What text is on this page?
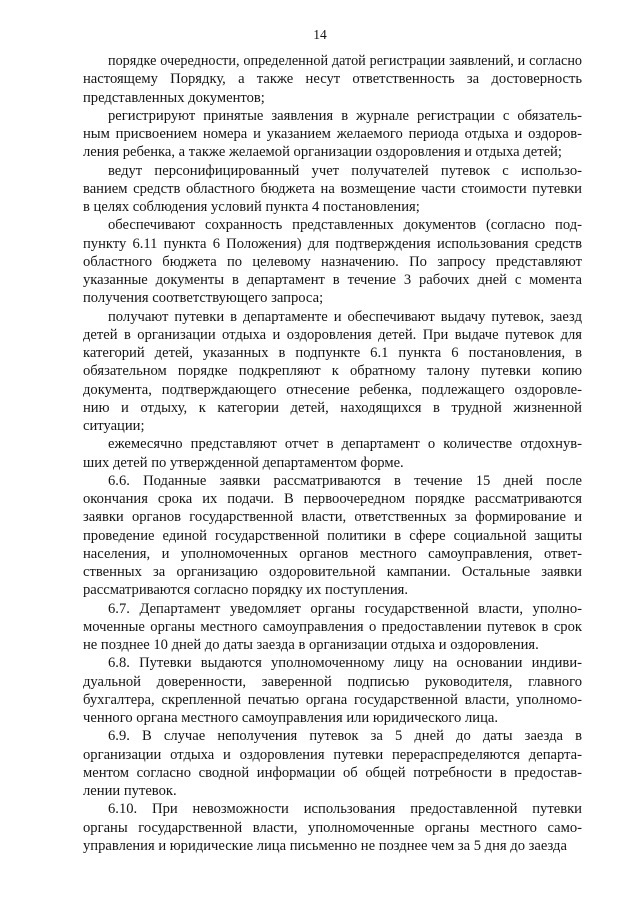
14

порядке очередности, определенной датой регистрации заявлений, и согласно
настоящему Порядку, а также несут ответственность за достоверность
представленных документов;

регистрируют принятые заявления в журнале регистрации с обязатель-
ным присвоением номера и указанием желаемого периода отдыха и оздоров-
ления ребенка, а также желаемой организации оздоровления и отдыха детей;

ведут персонифицированный учет получателей путевок с использо-
ванием средств областного бюджета на возмещение части стоимости путевки
в целях соблюдения условий пункта 4 постановления;

обеспечивают сохранность представленных документов (согласно под-
пункту 6.11 пункта 6 Положения) для подтверждения использования средств
областного бюджета по целевому назначению. По запросу представляют
указанные документы в департамент в течение 3 рабочих дней с момента
получения соответствующего запроса;

получают путевки в департаменте и обеспечивают выдачу путевок, заезд
детей в организации отдыха и оздоровления детей. При выдаче путевок для
категорий детей, указанных в подпункте 6.1 пункта 6 постановления, в
обязательном порядке подкрепляют к обратному талону путевки копию
документа, подтверждающего отнесение ребенка, подлежащего оздоровле-
нию и отдыху, к категории детей, находящихся в трудной жизненной
ситуации;

ежемесячно представляют отчет в департамент о количестве отдохнув-
ших детей по утвержденной департаментом форме.

6.6. Поданные заявки рассматриваются в течение 15 дней после
окончания срока их подачи. В первоочередном порядке рассматриваются
заявки органов государственной власти, ответственных за формирование и
проведение единой государственной политики в сфере социальной защиты
населения, и уполномоченных органов местного самоуправления, ответ-
ственных за организацию оздоровительной кампании. Остальные заявки
рассматриваются согласно порядку их поступления.

6.7. Департамент уведомляет органы государственной власти, уполно-
моченные органы местного самоуправления о предоставлении путевок в срок
не позднее 10 дней до даты заезда в организации отдыха и оздоровления.

6.8. Путевки выдаются уполномоченному лицу на основании индиви-
дуальной доверенности, заверенной подписью руководителя, главного
бухгалтера, скрепленной печатью органа государственной власти, уполномо-
ченного органа местного самоуправления или юридического лица.

6.9. В случае неполучения путевок за 5 дней до даты заезда в
организации отдыха и оздоровления путевки перераспределяются департа-
ментом согласно сводной информации об общей потребности в предостав-
лении путевок.

6.10. При невозможности использования предоставленной путевки
органы государственной власти, уполномоченные органы местного само-
управления и юридические лица письменно не позднее чем за 5 дня до заезда
